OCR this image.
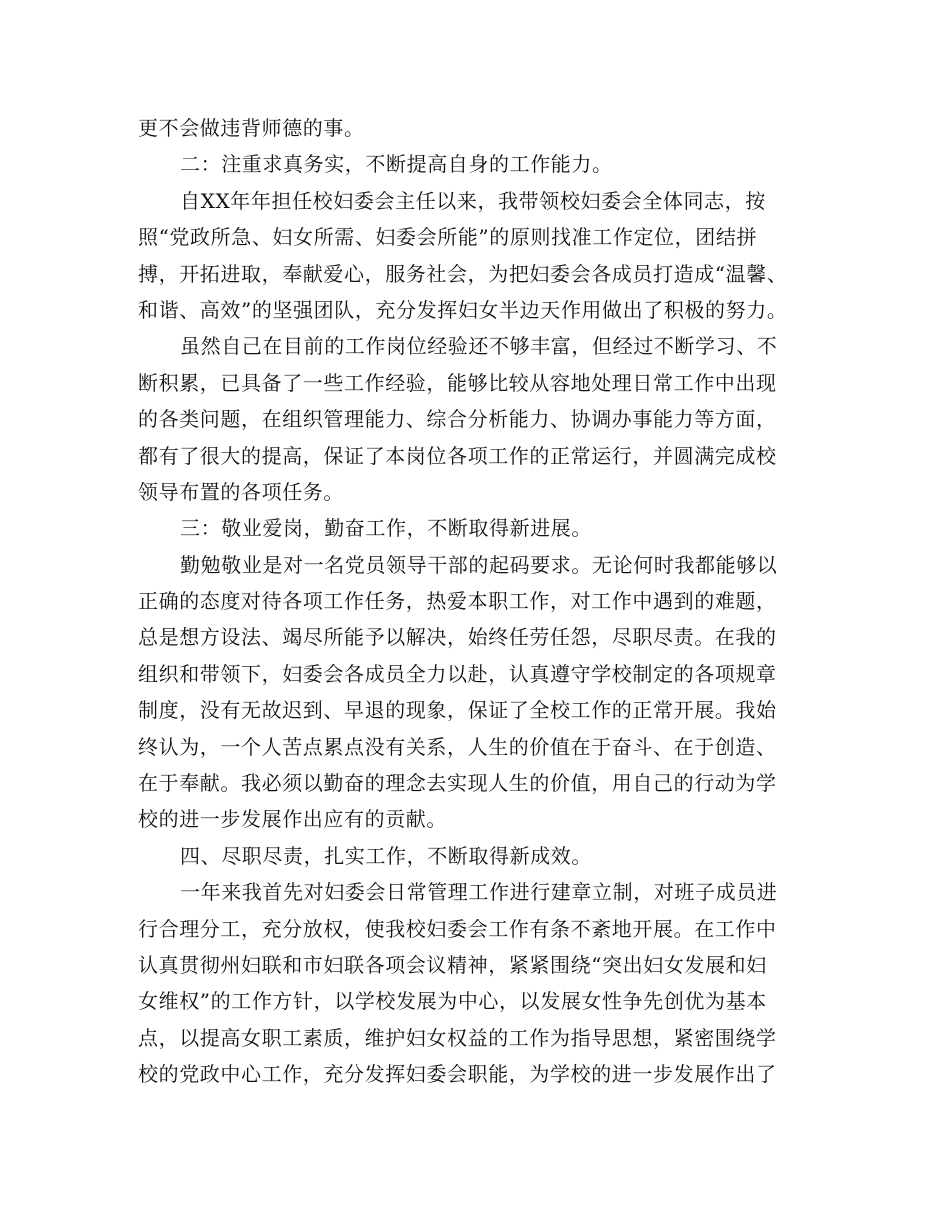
更不会做违背师德的事。
二：注重求真务实，不断提高自身的工作能力。
自XX年年担任校妇委会主任以来，我带领校妇委会全体同志，按
照“党政所急、妇女所需、妇委会所能”的原则找准工作定位，团结拼
搏，开拓进取，奉献爱心，服务社会，为把妇委会各成员打造成“温馨、
和谐、高效”的坚强团队，充分发挥妇女半边天作用做出了积极的努力。
虽然自己在目前的工作岗位经验还不够丰富，但经过不断学习、不
断积累，已具备了一些工作经验，能够比较从容地处理日常工作中出现
的各类问题，在组织管理能力、综合分析能力、协调办事能力等方面，
都有了很大的提高，保证了本岗位各项工作的正常运行，并圆满完成校
领导布置的各项任务。
三：敬业爱岗，勤奋工作，不断取得新进展。
勤勉敬业是对一名党员领导干部的起码要求。无论何时我都能够以
正确的态度对待各项工作任务，热爱本职工作，对工作中遇到的难题，
总是想方设法、竭尽所能予以解决，始终任劳任怨，尽职尽责。在我的
组织和带领下，妇委会各成员全力以赴，认真遵守学校制定的各项规章
制度，没有无故迟到、早退的现象，保证了全校工作的正常开展。我始
终认为，一个人苦点累点没有关系，人生的价值在于奋斗、在于创造、
在于奉献。我必须以勤奋的理念去实现人生的价值，用自己的行动为学
校的进一步发展作出应有的贡献。
四、尽职尽责，扎实工作，不断取得新成效。
一年来我首先对妇委会日常管理工作进行建章立制，对班子成员进
行合理分工，充分放权，使我校妇委会工作有条不紊地开展。在工作中
认真贯彻州妇联和市妇联各项会议精神，紧紧围绕“突出妇女发展和妇
女维权”的工作方针，以学校发展为中心，以发展女性争先创优为基本
点，以提高女职工素质，维护妇女权益的工作为指导思想，紧密围绕学
校的党政中心工作，充分发挥妇委会职能，为学校的进一步发展作出了
